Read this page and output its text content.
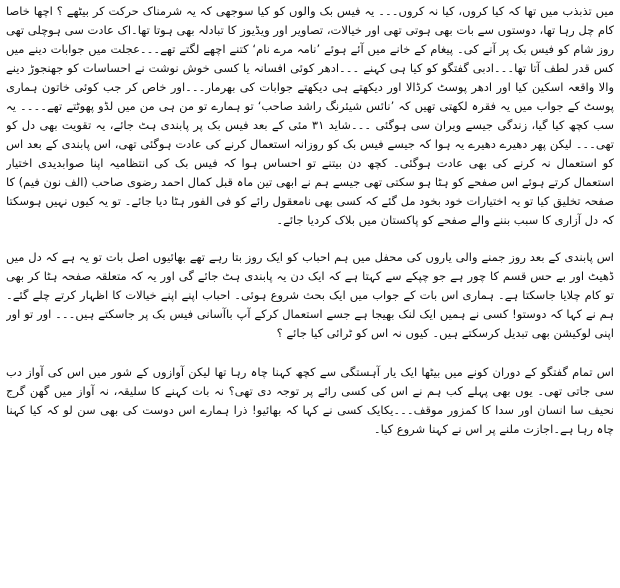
میں تذبذب میں تھا کہ کیا کروں، کیا نہ کروں۔۔۔ یہ فیس بک والوں کو کیا سوجھی کہ یہ شرمناک حرکت کر بیٹھے ؟ اچھا خاصا کام چل رہا تھا، دوستوں سے بات بھی ہوتی تھی اور خیالات، تصاویر اور ویڈیوز کا تبادلہ بھی ہوتا تھا۔اک عادت سی ہوچلی تھی روز شام کو فیس بک پر آنے کی۔ پیغام کے خانے میں آئے ہوئے ’نامہ مرے نام‘ کتنے اچھے لگتے تھے۔۔۔عجلت میں جوابات دینے میں کس قدر لطف آتا تھا۔۔۔ادبی گفتگو کو کیا ہی کہنے ۔۔۔ادھر کوئی افسانہ یا کسی خوش نوشت نے احساسات کو جھنجوڑ دینے والا واقعہ اسکین کیا اور ادھر پوسٹ کرڈالا اور دیکھتے ہی دیکھتے جوابات کی بھرمار۔۔۔اور خاص کر جب کوئی خاتون ہماری پوسٹ کے جواب میں یہ فقرہ لکھتی تھیں کہ ’نائس شیئرنگ راشد صاحب‘ تو ہمارے تو من ہی من میں لڈو پھوٹتے تھے۔۔۔۔ یہ سب کچھ کیا گیا، زندگی جیسے ویران سی ہوگئی ۔۔۔شاید ۳۱ مئی کے بعد فیس بک پر پابندی ہٹ جائے، یہ تقویت بھی دل کو تھی۔۔۔ لیکن پھر دھیرے دھیرے یہ ہوا کہ جیسے فیس بک کو روزانہ استعمال کرنے کی عادت ہوگئی تھی، اس پابندی کے بعد اس کو استعمال نہ کرنے کی بھی عادت ہوگئی۔ کچھ دن بیتنے تو احساس ہوا کہ فیس بک کی انتظامیہ اپنا صوابدیدی اختیار استعمال کرتے ہوئے اس صفحے کو ہٹا ہو سکتی تھی جیسے ہم نے ابھی تین ماہ قبل کمال احمد رضوی صاحب (الف نون فیم) کا صفحہ تخلیق کیا تو یہ اختیارات خود بخود مل گئے کہ کسی بھی نامعقول رائے کو فی الفور ہٹا دیا جائے۔ تو یہ کیوں نہیں ہوسکتا کہ دل آزاری کا سبب بننے والے صفحے کو پاکستان میں بلاک کردیا جائے۔

اس پابندی کے بعد روز جمنے والی یاروں کی محفل میں ہم احباب کو ایک روز بتا رہے تھے بھائیوں اصل بات تو یہ ہے کہ دل میں ڈھیٹ اور بے حس قسم کا چور ہے جو چپکے سے کہتا ہے کہ ایک دن یہ پابندی ہٹ جائے گی اور یہ کہ متعلقہ صفحہ ہٹا کر بھی تو کام چلایا جاسکتا ہے۔ ہماری اس بات کے جواب میں ایک بحث شروع ہوئی۔ احباب اپنے اپنے خیالات کا اظہار کرتے چلے گئے۔ ہم نے کہا کہ دوستو! کسی نے ہمیں ایک لنک بھیجا ہے جسے استعمال کرکے آپ باآسانی فیس بک پر جاسکتے ہیں۔۔۔ اور تو اور اپنی لوکیشن بھی تبدیل کرسکتے ہیں۔ کیوں نہ اس کو ٹرائی کیا جائے ؟

اس تمام گفتگو کے دوران کونے میں بیٹھا ایک یار آہستگی سے کچھ کہنا چاہ رہا تھا لیکن آوازوں کے شور میں اس کی آواز دب سی جاتی تھی۔ یوں بھی پہلے کب ہم نے اس کی کسی رائے پر توجہ دی تھی؟ نہ بات کہنے کا سلیقہ، نہ آواز میں گھن گرج نحیف سا انسان اور سدا کا کمزور موقف۔۔۔یکایک کسی نے کہا کہ بھائیو! ذرا ہمارے اس دوست کی بھی سن لو کہ کیا کہنا چاہ رہا ہے۔اجازت ملنے پر اس نے کہنا شروع کیا۔
